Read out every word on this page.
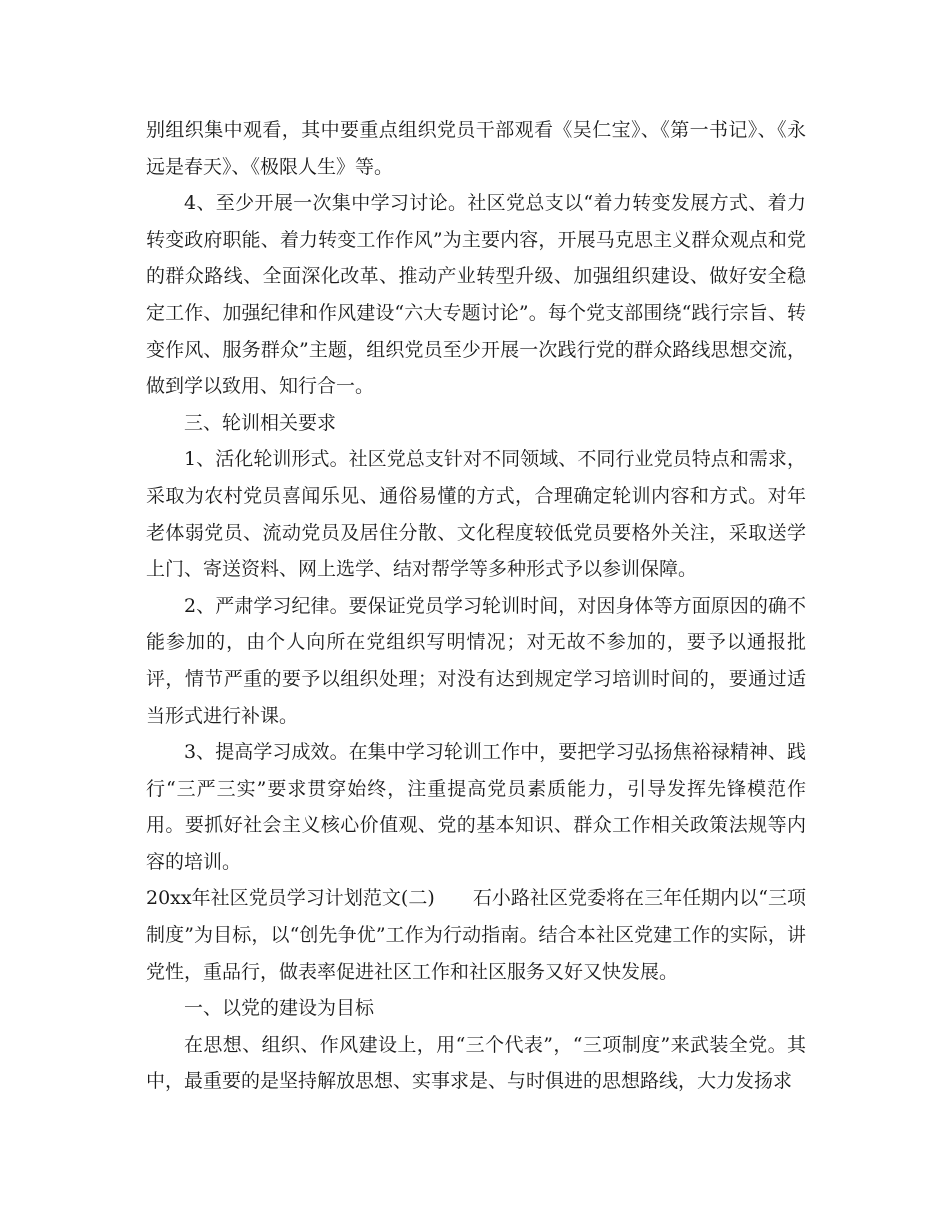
别组织集中观看，其中要重点组织党员干部观看《吴仁宝》、《第一书记》、《永远是春天》、《极限人生》等。

4、至少开展一次集中学习讨论。社区党总支以“着力转变发展方式、着力转变政府职能、着力转变工作作风”为主要内容，开展马克思主义群众观点和党的群众路线、全面深化改革、推动产业转型升级、加强组织建设、做好安全稳定工作、加强纪律和作风建设“六大专题讨论”。每个党支部围绕“践行宗旨、转变作风、服务群众”主题，组织党员至少开展一次践行党的群众路线思想交流，做到学以致用、知行合一。

三、轮训相关要求

1、活化轮训形式。社区党总支针对不同领域、不同行业党员特点和需求，采取为农村党员喜闻乐见、通俗易懂的方式，合理确定轮训内容和方式。对年老体弱党员、流动党员及居住分散、文化程度较低党员要格外关注，采取送学上门、寄送资料、网上选学、结对帮学等多种形式予以参训保障。

2、严肃学习纪律。要保证党员学习轮训时间，对因身体等方面原因的确不能参加的，由个人向所在党组织写明情况；对无故不参加的，要予以通报批评，情节严重的要予以组织处理；对没有达到规定学习培训时间的，要通过适当形式进行补课。

3、提高学习成效。在集中学习轮训工作中，要把学习弘扬焦裕禄精神、践行“三严三实”要求贯穿始终，注重提高党员素质能力，引导发挥先锋模范作用。要抓好社会主义核心价值观、党的基本知识、群众工作相关政策法规等内容的培训。

20xx年社区党员学习计划范文(二)　　石小路社区党委将在三年任期内以“三项制度”为目标，以“创先争优”工作为行动指南。结合本社区党建工作的实际，讲党性，重品行，做表率促进社区工作和社区服务又好又快发展。

一、以党的建设为目标

在思想、组织、作风建设上，用“三个代表”，“三项制度”来武装全党。其中，最重要的是坚持解放思想、实事求是、与时俱进的思想路线，大力发扬求
